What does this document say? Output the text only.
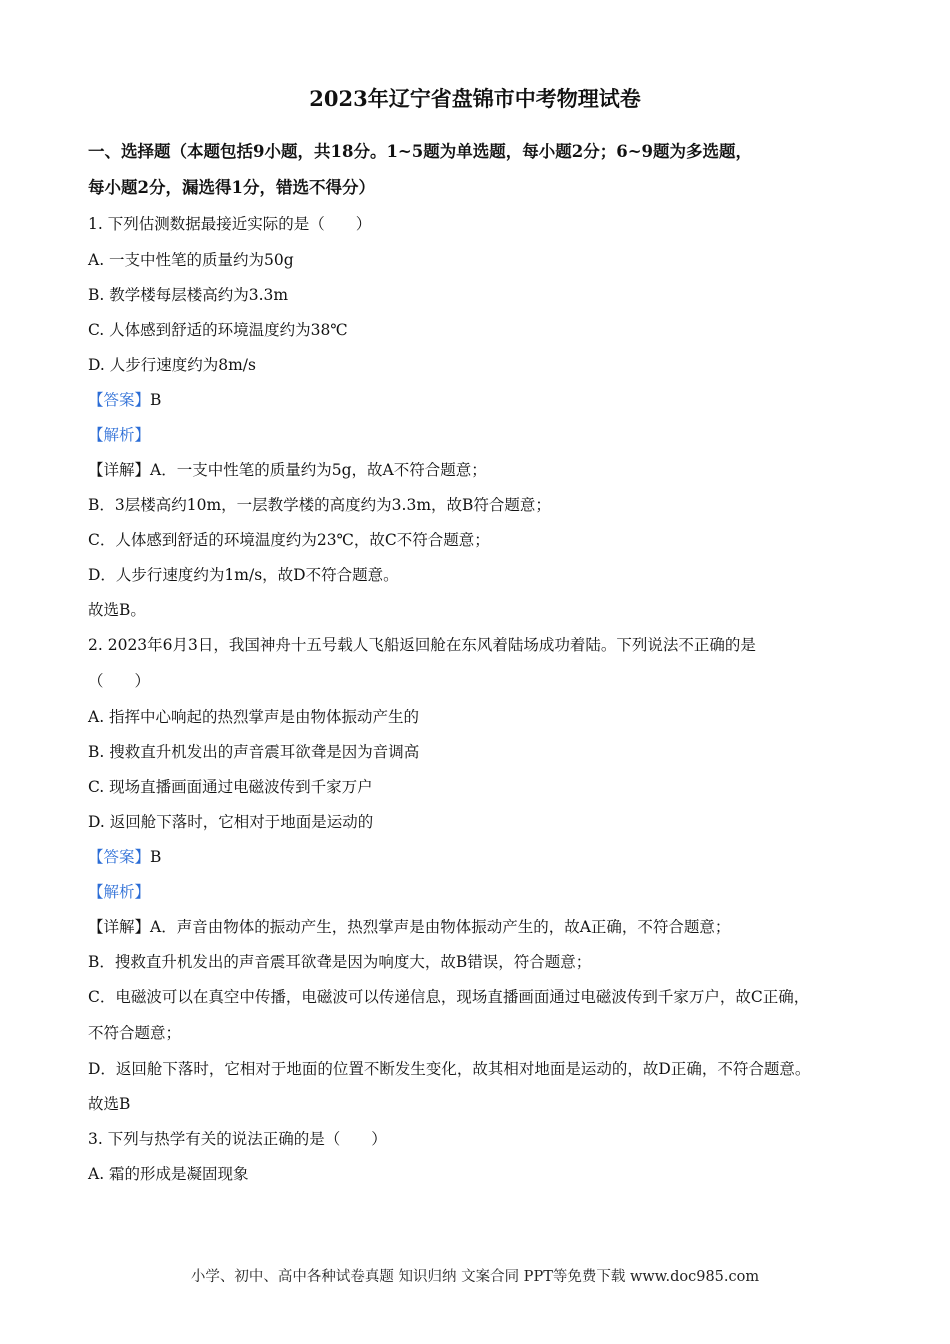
2023年辽宁省盘锦市中考物理试卷
一、选择题（本题包括9小题，共18分。1~5题为单选题，每小题2分；6~9题为多选题，
每小题2分，漏选得1分，错选不得分）
1. 下列估测数据最接近实际的是（　　）
A. 一支中性笔的质量约为50g
B. 教学楼每层楼高约为3.3m
C. 人体感到舒适的环境温度约为38℃
D. 人步行速度约为8m/s
【答案】B
【解析】
【详解】A．一支中性笔的质量约为5g，故A不符合题意；
B．3层楼高约10m，一层教学楼的高度约为3.3m，故B符合题意；
C．人体感到舒适的环境温度约为23℃，故C不符合题意；
D．人步行速度约为1m/s，故D不符合题意。
故选B。
2. 2023年6月3日，我国神舟十五号载人飞船返回舱在东风着陆场成功着陆。下列说法不正确的是
（　　）
A. 指挥中心响起的热烈掌声是由物体振动产生的
B. 搜救直升机发出的声音震耳欲聋是因为音调高
C. 现场直播画面通过电磁波传到千家万户
D. 返回舱下落时，它相对于地面是运动的
【答案】B
【解析】
【详解】A．声音由物体的振动产生，热烈掌声是由物体振动产生的，故A正确，不符合题意；
B．搜救直升机发出的声音震耳欲聋是因为响度大，故B错误，符合题意；
C．电磁波可以在真空中传播，电磁波可以传递信息，现场直播画面通过电磁波传到千家万户，故C正确，
不符合题意；
D．返回舱下落时，它相对于地面的位置不断发生变化，故其相对地面是运动的，故D正确，不符合题意。
故选B
3. 下列与热学有关的说法正确的是（　　）
A. 霜的形成是凝固现象
小学、初中、高中各种试卷真题 知识归纳 文案合同 PPT等免费下载 www.doc985.com
